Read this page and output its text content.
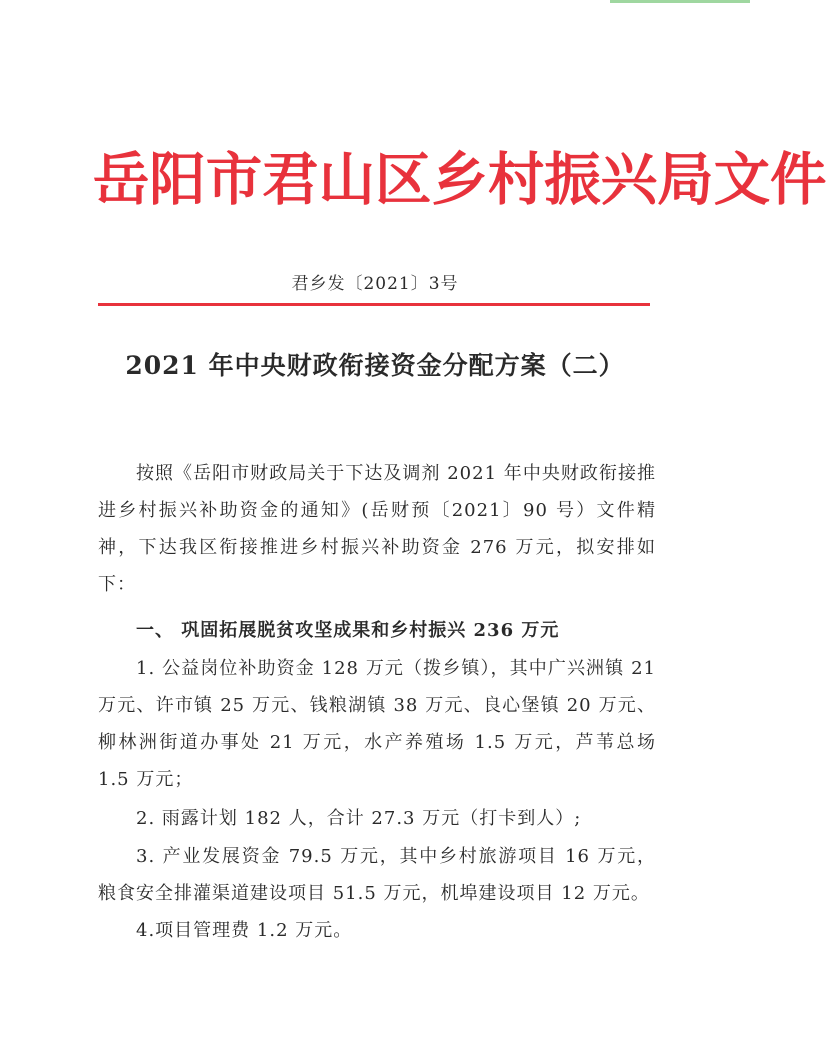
岳阳市君山区乡村振兴局文件
君乡发〔2021〕3号
2021 年中央财政衔接资金分配方案（二）

按照《岳阳市财政局关于下达及调剂 2021 年中央财政衔接推进乡村振兴补助资金的通知》(岳财预〔2021〕90 号）文件精神，下达我区衔接推进乡村振兴补助资金 276 万元，拟安排如下：

一、 巩固拓展脱贫攻坚成果和乡村振兴 236 万元

1. 公益岗位补助资金 128 万元（拨乡镇），其中广兴洲镇 21 万元、许市镇 25 万元、钱粮湖镇 38 万元、良心堡镇 20 万元、柳林洲街道办事处 21 万元，水产养殖场 1.5 万元，芦苇总场 1.5 万元；

2. 雨露计划 182 人，合计 27.3 万元（打卡到人）;

3. 产业发展资金 79.5 万元，其中乡村旅游项目 16 万元，粮食安全排灌渠道建设项目 51.5 万元，机埠建设项目 12 万元。

4.项目管理费 1.2 万元。
